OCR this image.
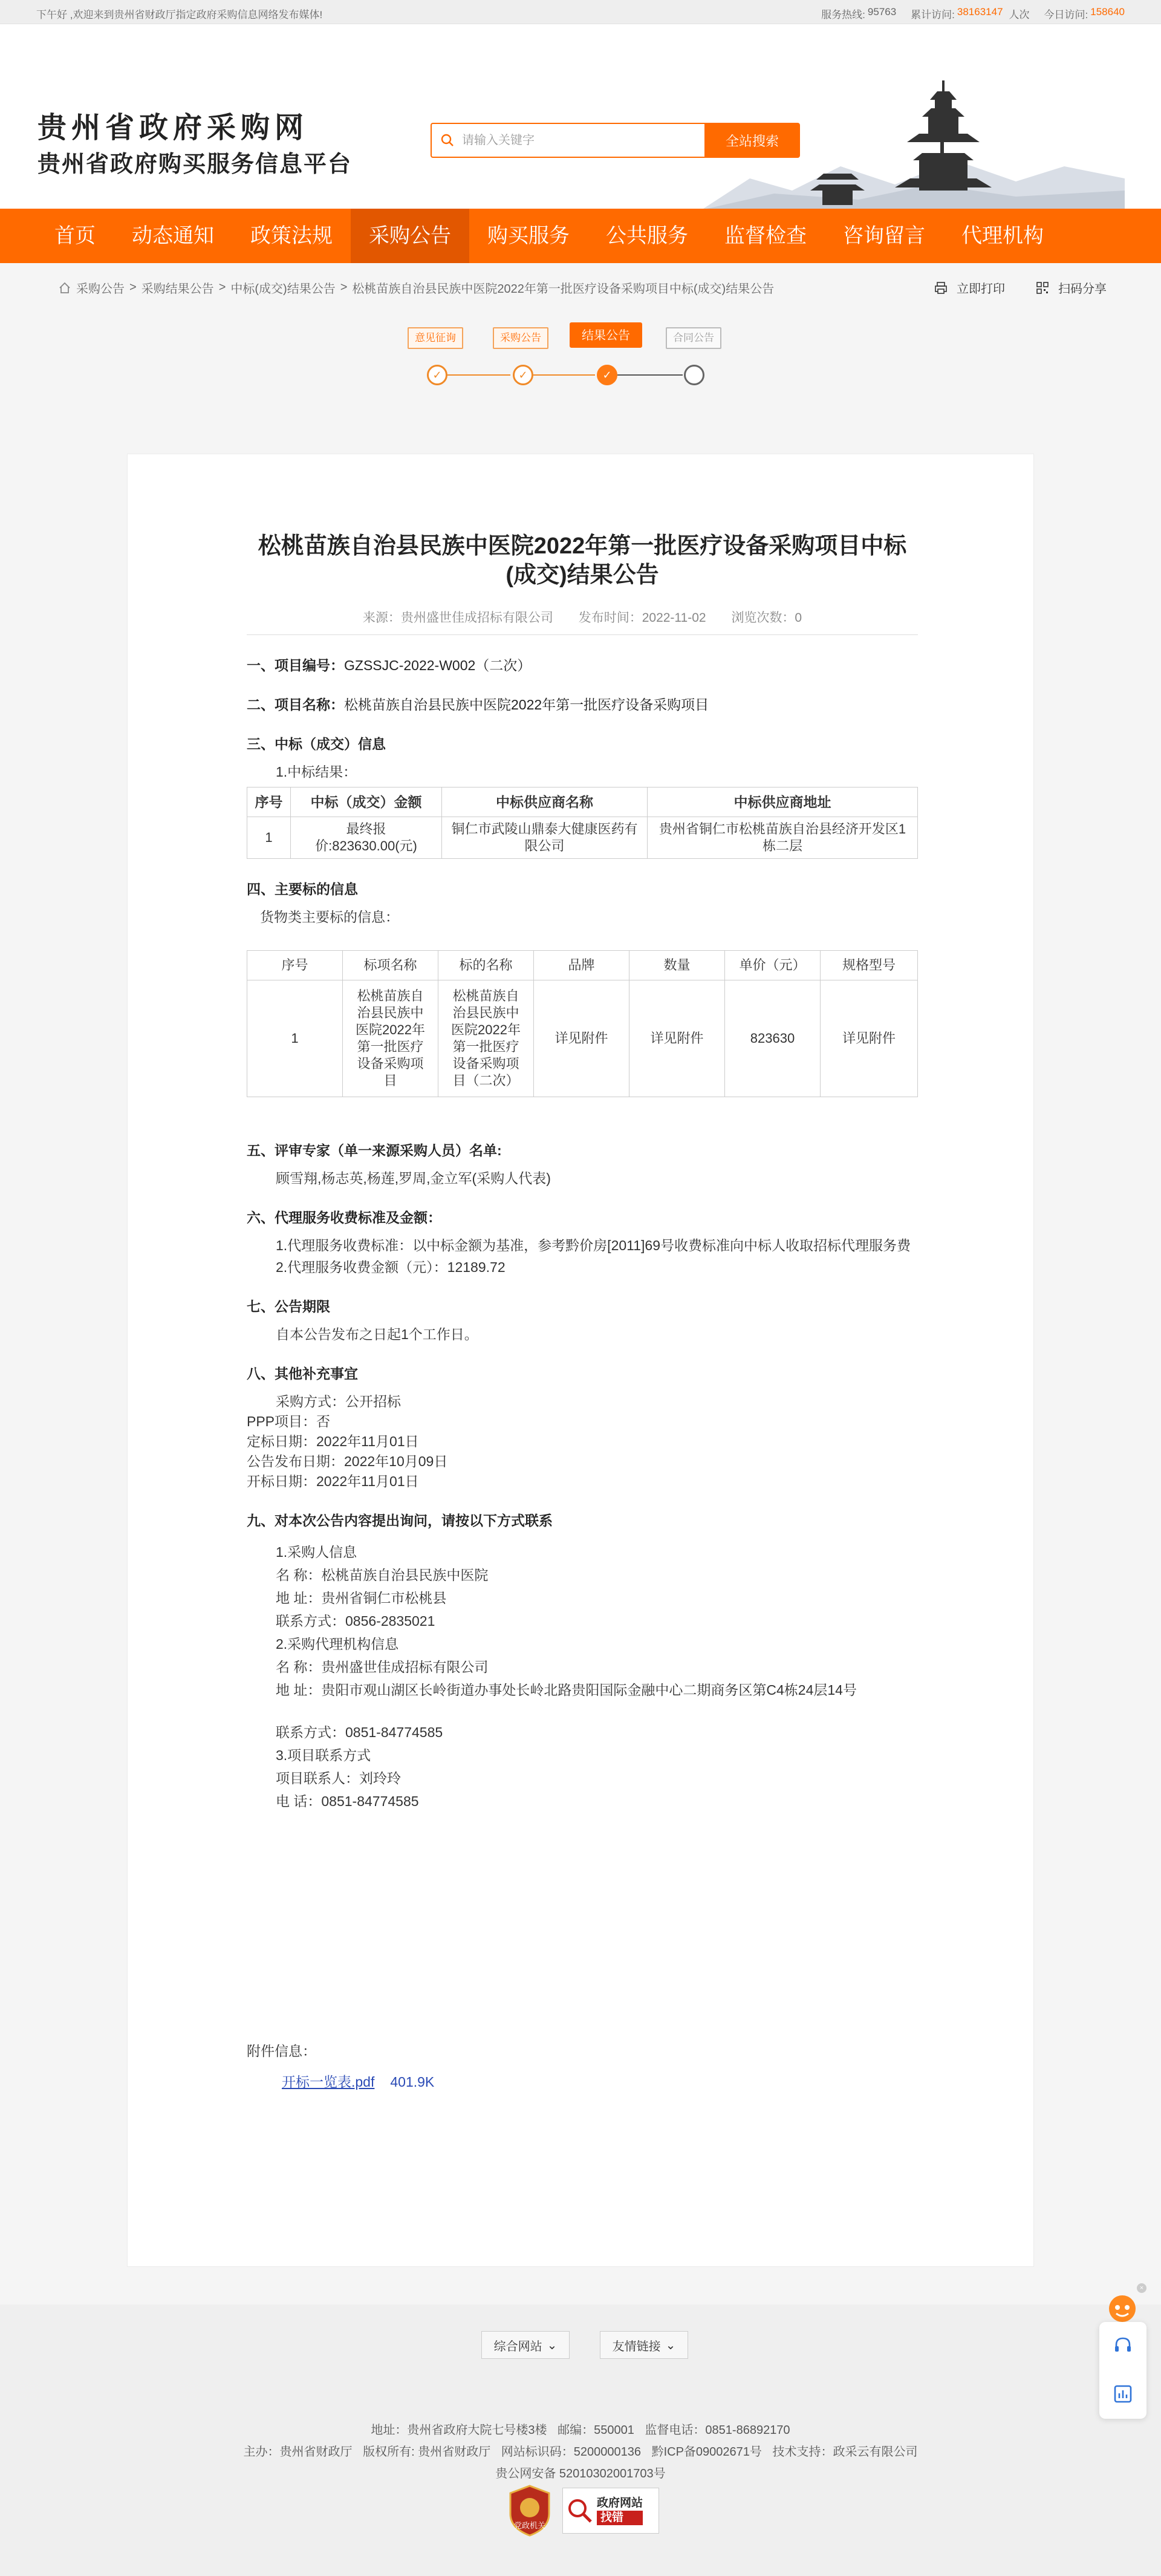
下午好 ,欢迎来到贵州省财政厅指定政府采购信息网络发布媒体!	服务热线: 95763 累计访问: 38163147 人次 今日访问: 158640
贵州省政府采购网
贵州省政府购买服务信息平台
请输入关键字
全站搜索
首页	动态通知	政策法规	采购公告	购买服务	公共服务	监督检查	咨询留言	代理机构
采购公告 > 采购结果公告 > 中标(成交)结果公告 > 松桃苗族自治县民族中医院2022年第一批医疗设备采购项目中标(成交)结果公告	立即打印	扫码分享
意见征询	采购公告	结果公告	合同公告
✓	✓	✓
松桃苗族自治县民族中医院2022年第一批医疗设备采购项目中标(成交)结果公告
来源：贵州盛世佳成招标有限公司 发布时间：2022-11-02 浏览次数：0
一、项目编号：GZSSJC-2022-W002（二次）
二、项目名称：松桃苗族自治县民族中医院2022年第一批医疗设备采购项目
三、中标（成交）信息
1.中标结果：
序号	中标（成交）金额	中标供应商名称	中标供应商地址
1	最终报价:823630.00(元)	铜仁市武陵山鼎泰大健康医药有限公司	贵州省铜仁市松桃苗族自治县经济开发区1栋二层
四、主要标的信息
货物类主要标的信息：
序号	标项名称	标的名称	品牌	数量	单价（元）	规格型号
1	松桃苗族自治县民族中医院2022年第一批医疗设备采购项目	松桃苗族自治县民族中医院2022年第一批医疗设备采购项目（二次）	详见附件	详见附件	823630	详见附件
五、评审专家（单一来源采购人员）名单:
顾雪翔,杨志英,杨莲,罗周,金立军(采购人代表)
六、代理服务收费标准及金额：
1.代理服务收费标准：以中标金额为基准，参考黔价房[2011]69号收费标准向中标人收取招标代理服务费
2.代理服务收费金额（元）：12189.72
七、公告期限
自本公告发布之日起1个工作日。
八、其他补充事宜
采购方式：公开招标
PPP项目：否
定标日期：2022年11月01日
公告发布日期：2022年10月09日
开标日期：2022年11月01日
九、对本次公告内容提出询问，请按以下方式联系
1.采购人信息
名 称：松桃苗族自治县民族中医院
地 址：贵州省铜仁市松桃县
联系方式：0856-2835021
2.采购代理机构信息
名 称：贵州盛世佳成招标有限公司
地 址：贵阳市观山湖区长岭街道办事处长岭北路贵阳国际金融中心二期商务区第C4栋24层14号
联系方式：0851-84774585
3.项目联系方式
项目联系人：刘玲玲
电 话：0851-84774585
附件信息：
开标一览表.pdf 401.9K
综合网站 ⌄	友情链接 ⌄
地址：贵州省政府大院七号楼3楼 邮编：550001 监督电话：0851-86892170
主办：贵州省财政厅 版权所有: 贵州省财政厅 网站标识码：5200000136 黔ICP备09002671号 技术支持：政采云有限公司
贵公网安备 52010302001703号
党政机关
政府网站
找错
×
